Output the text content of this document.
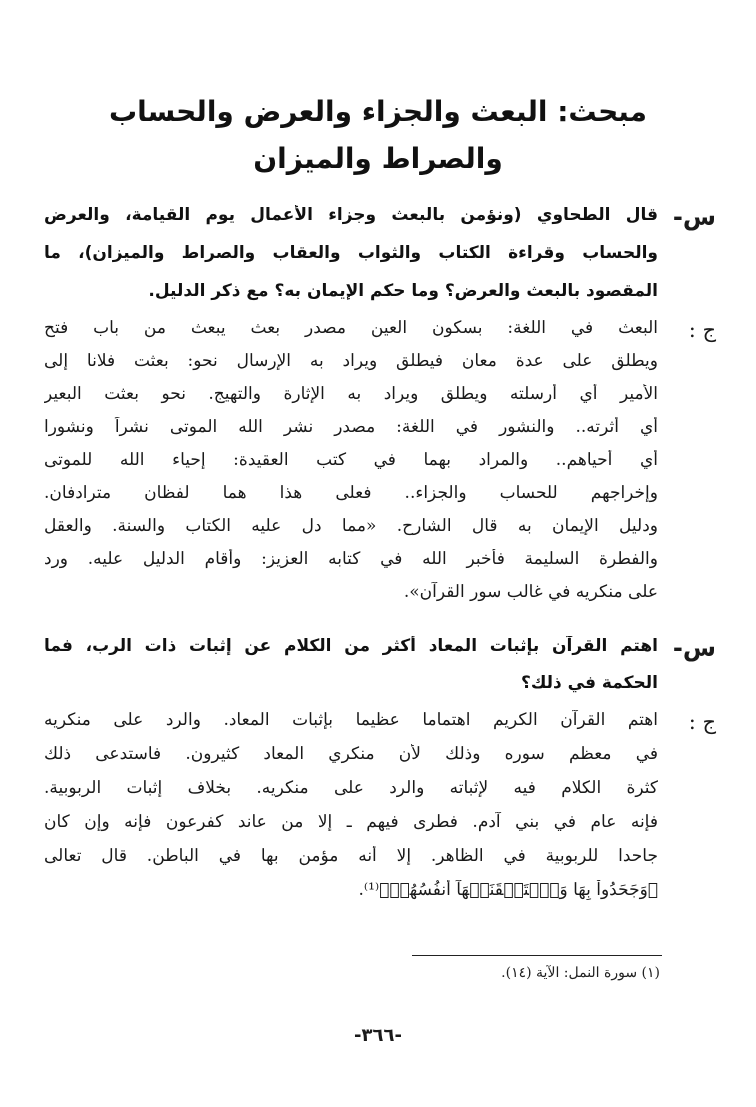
مبحث: البعث والجزاء والعرض والحساب
والصراط والميزان
س-
قال الطحاوي (ونؤمن بالبعث وجزاء الأعمال يوم القيامة، والعرض
والحساب وقراءة الكتاب والثواب والعقاب والصراط والميزان)، ما
المقصود بالبعث والعرض؟ وما حكم الإيمان به؟ مع ذكر الدليل.
ج :
البعث في اللغة: بسكون العين مصدر بعث يبعث من باب فتح
ويطلق على عدة معان فيطلق ويراد به الإرسال نحو: بعثت فلانا إلى
الأمير أي أرسلته ويطلق ويراد به الإثارة والتهيج. نحو بعثت البعير
أي أثرته.. والنشور في اللغة: مصدر نشر الله الموتى نشراً ونشورا
أي أحياهم.. والمراد بهما في كتب العقيدة: إحياء الله للموتى
وإخراجهم للحساب والجزاء.. فعلى هذا هما لفظان مترادفان.
ودليل الإيمان به قال الشارح. «مما دل عليه الكتاب والسنة. والعقل
والفطرة السليمة فأخبر الله في كتابه العزيز: وأقام الدليل عليه. ورد
على منكريه في غالب سور القرآن».
س-
اهتم القرآن بإثبات المعاد أكثر من الكلام عن إثبات ذات الرب، فما
الحكمة في ذلك؟
ج :
اهتم القرآن الكريم اهتماما عظيما بإثبات المعاد. والرد على منكريه
في معظم سوره وذلك لأن منكري المعاد كثيرون. فاستدعى ذلك
كثرة الكلام فيه لإثباته والرد على منكريه. بخلاف إثبات الربوبية.
فإنه عام في بني آدم. فطرى فيهم ـ إلا من عاند كفرعون فإنه وإن كان
جاحدا للربوبية في الظاهر. إلا أنه مؤمن بها في الباطن. قال تعالى
﴿وَجَحَدُواْ بِهَا وَٱسۡتَيۡقَنَتۡهَآ أَنفُسُهُمۡ﴾⁽¹⁾.
(١) سورة النمل: الآية (١٤).
-٣٦٦-
